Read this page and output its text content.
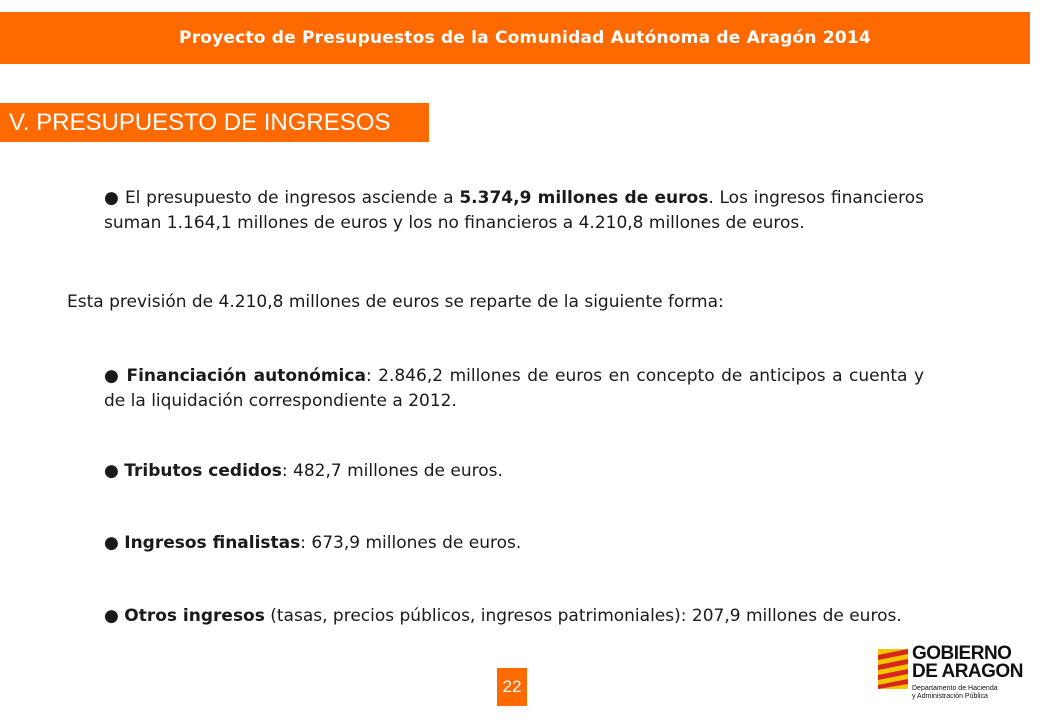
Proyecto de Presupuestos de la Comunidad Autónoma de Aragón 2014
V. PRESUPUESTO DE INGRESOS
● El presupuesto de ingresos asciende a 5.374,9 millones de euros. Los ingresos financieros suman 1.164,1 millones de euros y los no financieros a 4.210,8 millones de euros.
Esta previsión de 4.210,8 millones de euros se reparte de la siguiente forma:
● Financiación autonómica: 2.846,2 millones de euros en concepto de anticipos a cuenta y de la liquidación correspondiente a 2012.
● Tributos cedidos: 482,7 millones de euros.
● Ingresos finalistas: 673,9 millones de euros.
● Otros ingresos (tasas, precios públicos, ingresos patrimoniales): 207,9 millones de euros.
22
GOBIERNO
DE ARAGON
Departamento de Hacienda
y Administración Pública
